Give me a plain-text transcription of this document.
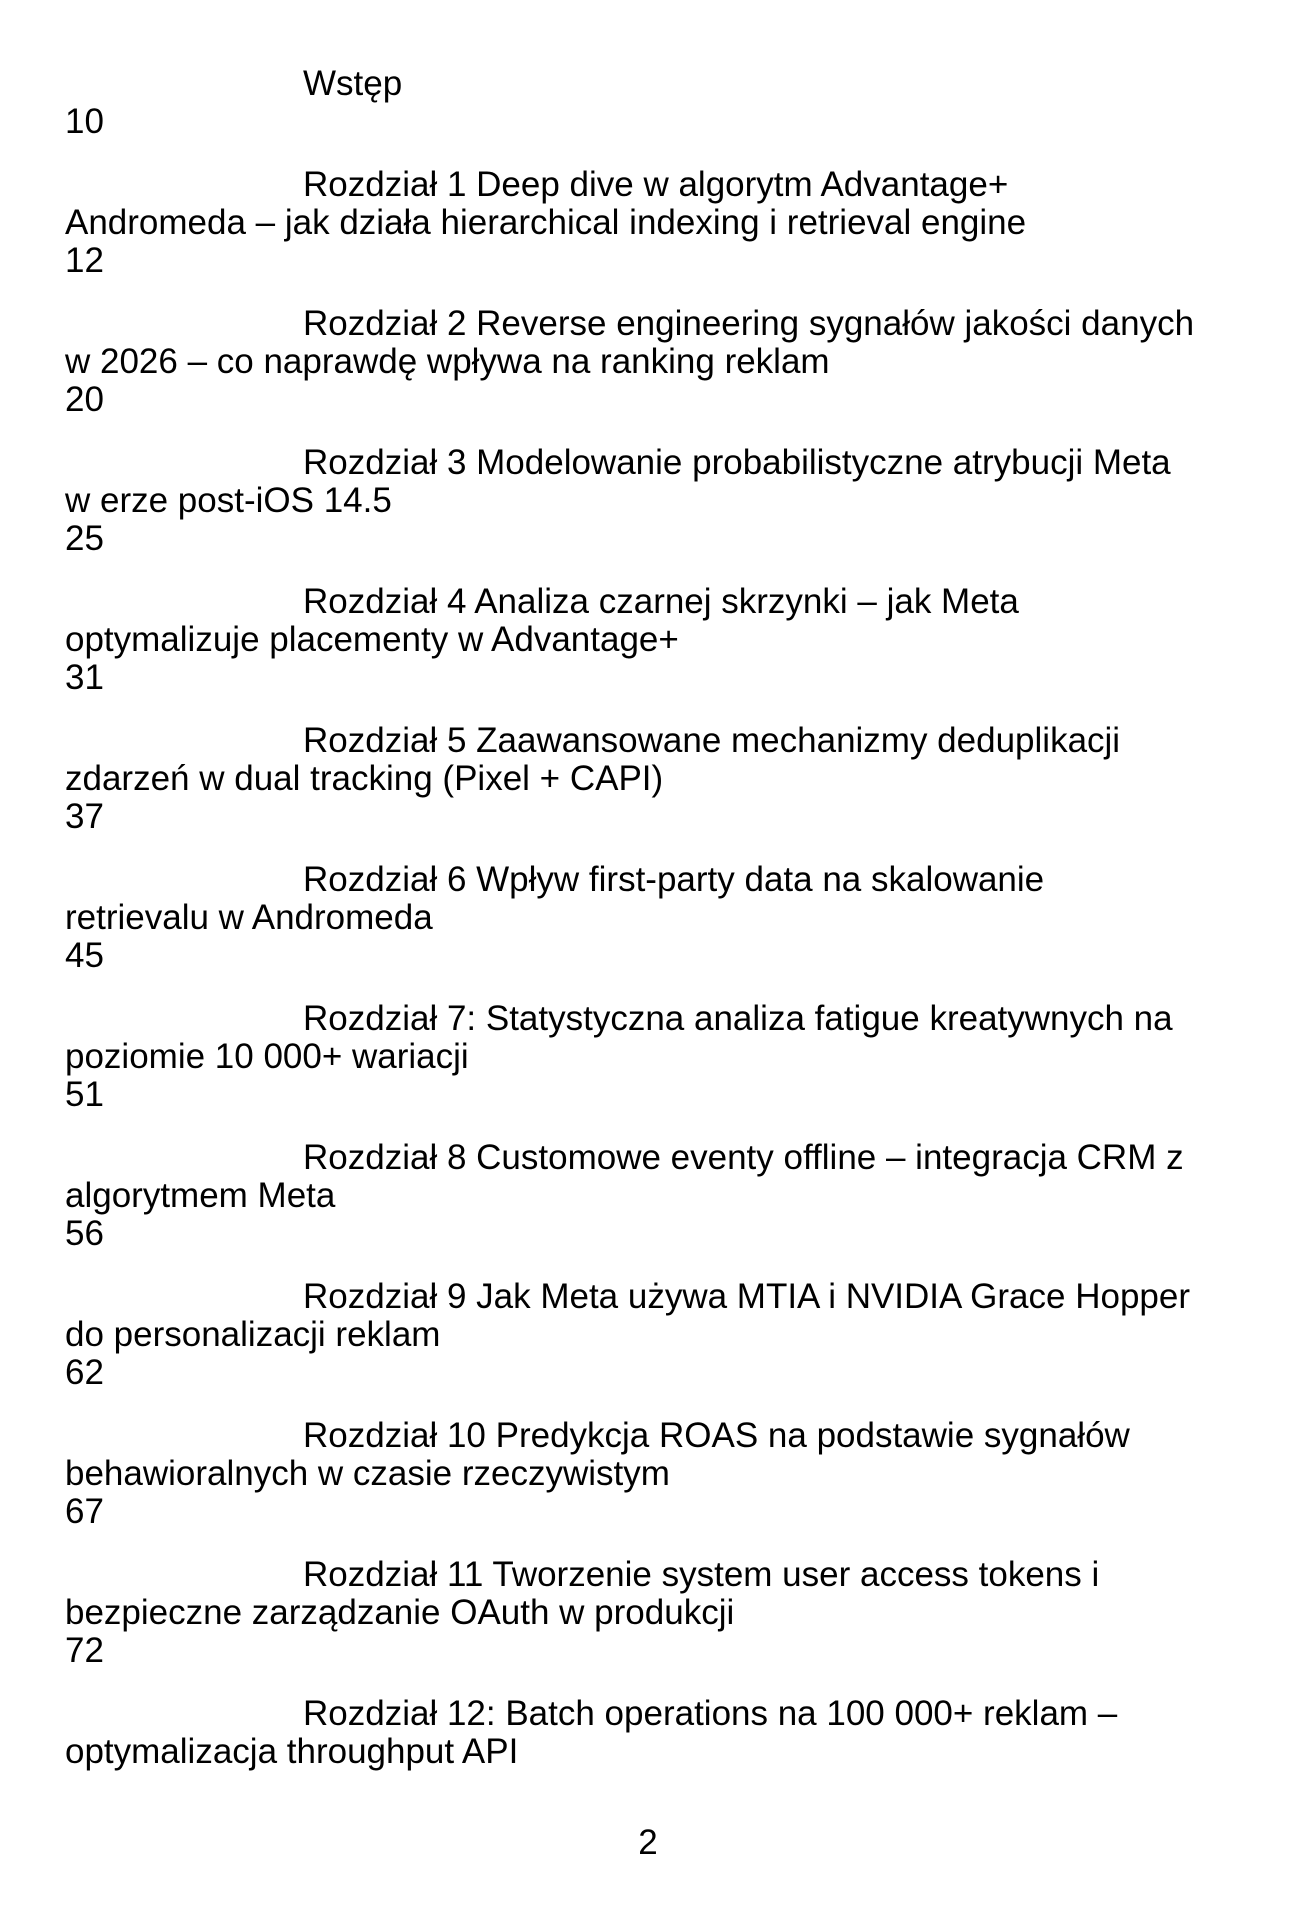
Wstęp
10
Rozdział 1 Deep dive w algorytm Advantage+
Andromeda – jak działa hierarchical indexing i retrieval engine
12
Rozdział 2 Reverse engineering sygnałów jakości danych
w 2026 – co naprawdę wpływa na ranking reklam
20
Rozdział 3 Modelowanie probabilistyczne atrybucji Meta
w erze post-iOS 14.5
25
Rozdział 4 Analiza czarnej skrzynki – jak Meta
optymalizuje placementy w Advantage+
31
Rozdział 5 Zaawansowane mechanizmy deduplikacji
zdarzeń w dual tracking (Pixel + CAPI)
37
Rozdział 6 Wpływ first-party data na skalowanie
retrievalu w Andromeda
45
Rozdział 7: Statystyczna analiza fatigue kreatywnych na
poziomie 10 000+ wariacji
51
Rozdział 8 Customowe eventy offline – integracja CRM z
algorytmem Meta
56
Rozdział 9 Jak Meta używa MTIA i NVIDIA Grace Hopper
do personalizacji reklam
62
Rozdział 10 Predykcja ROAS na podstawie sygnałów
behawioralnych w czasie rzeczywistym
67
Rozdział 11 Tworzenie system user access tokens i
bezpieczne zarządzanie OAuth w produkcji
72
Rozdział 12: Batch operations na 100 000+ reklam –
optymalizacja throughput API
2
